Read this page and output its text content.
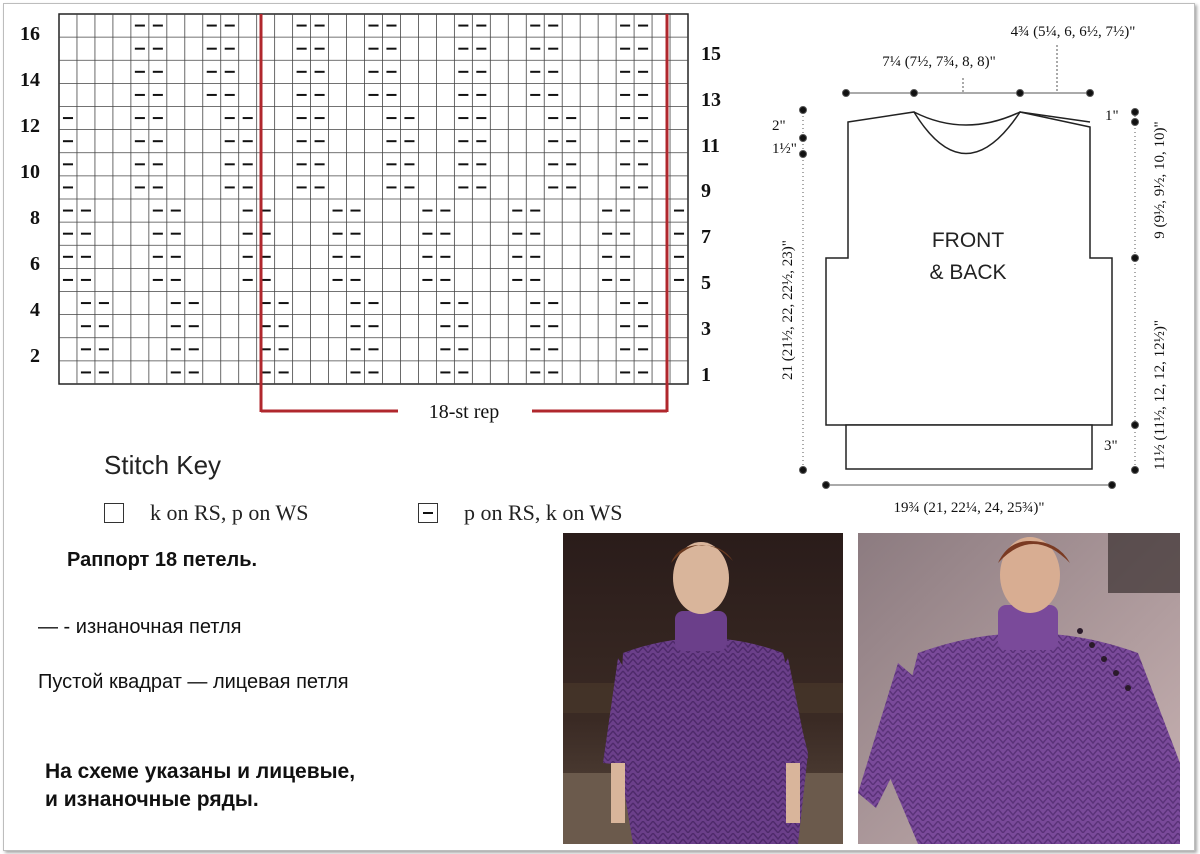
18-st rep
16
14
12
10
8
6
4
2
15
13
11
9
7
5
3
1
Stitch Key
k on RS, p on WS	p on RS, k on WS
Раппорт 18 петель.
— - изнаночная петля
Пустой квадрат — лицевая петля
На схеме указаны и лицевые,
и изнаночные ряды.
FRONT
& BACK
4¾ (5¼, 6, 6½, 7½)"
7¼ (7½, 7¾, 8, 8)"
2"
1½"
1"
3"
19¾ (21, 22¼, 24, 25¾)"
21 (21½, 22, 22½, 23)"
9 (9½, 9½, 10, 10)"
11½ (11½, 12, 12, 12½)"
